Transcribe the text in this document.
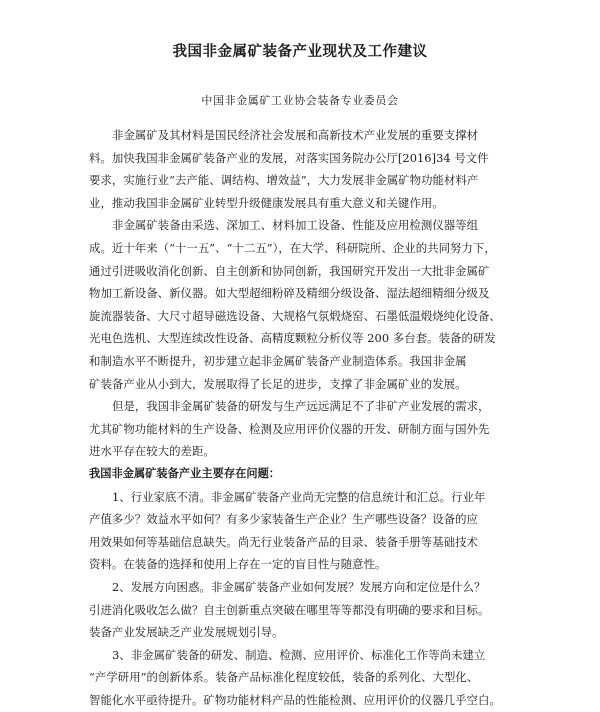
我国非金属矿装备产业现状及工作建议
中国非金属矿工业协会装备专业委员会
非金属矿及其材料是国民经济社会发展和高新技术产业发展的重要支撑材
料。加快我国非金属矿装备产业的发展，对落实国务院办公厅[2016]34 号文件
要求，实施行业“去产能、调结构、增效益”，大力发展非金属矿物功能材料产
业，推动我国非金属矿业转型升级健康发展具有重大意义和关键作用。
非金属矿装备由采选、深加工、材料加工设备、性能及应用检测仪器等组
成。近十年来（“十一五”、“十二五”），在大学、科研院所、企业的共同努力下，
通过引进吸收消化创新、自主创新和协同创新，我国研究开发出一大批非金属矿
物加工新设备、新仪器。如大型超细粉碎及精细分级设备、湿法超细精细分级及
旋流器装备、大尺寸超导磁选设备、大规格气氛煅烧窑、石墨低温煅烧纯化设备、
光电色选机、大型连续改性设备、高精度颗粒分析仪等 200 多台套。装备的研发
和制造水平不断提升，初步建立起非金属矿装备产业制造体系。我国非金属
矿装备产业从小到大，发展取得了长足的进步，支撑了非金属矿业的发展。
但是，我国非金属矿装备的研发与生产远远满足不了非矿产业发展的需求，
尤其矿物功能材料的生产设备、检测及应用评价仪器的开发、研制方面与国外先
进水平存在较大的差距。
我国非金属矿装备产业主要存在问题：
1、行业家底不清。非金属矿装备产业尚无完整的信息统计和汇总。行业年
产值多少？效益水平如何？有多少家装备生产企业？生产哪些设备？设备的应
用效果如何等基础信息缺失。尚无行业装备产品的目录、装备手册等基础技术
资料。在装备的选择和使用上存在一定的盲目性与随意性。
2、发展方向困惑。非金属矿装备产业如何发展？发展方向和定位是什么？
引进消化吸收怎么做？自主创新重点突破在哪里等等都没有明确的要求和目标。
装备产业发展缺乏产业发展规划引导。
3、非金属矿装备的研发、制造、检测、应用评价、标准化工作等尚未建立
“产学研用”的创新体系。装备产品标准化程度较低，装备的系列化、大型化、
智能化水平亟待提升。矿物功能材料产品的性能检测、应用评价的仪器几乎空白。
